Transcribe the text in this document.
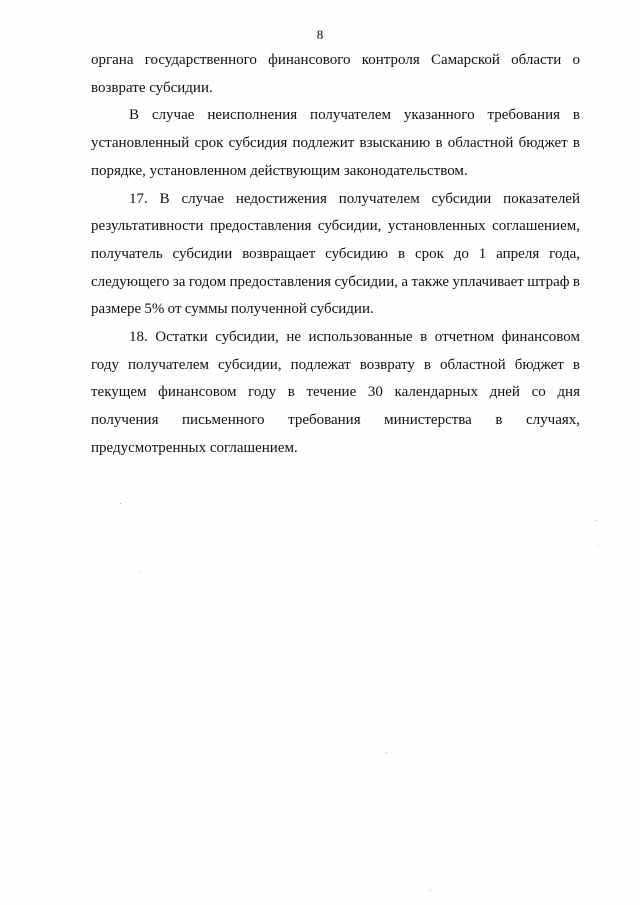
8

органа государственного финансового контроля Самарской области о возврате субсидии.

В случае неисполнения получателем указанного требования в установленный срок субсидия подлежит взысканию в областной бюджет в порядке, установленном действующим законодательством.

17. В случае недостижения получателем субсидии показателей результативности предоставления субсидии, установленных соглашением, получатель субсидии возвращает субсидию в срок до 1 апреля года, следующего за годом предоставления субсидии, а также уплачивает штраф в размере 5% от суммы полученной субсидии.

18. Остатки субсидии, не использованные в отчетном финансовом году получателем субсидии, подлежат возврату в областной бюджет в текущем финансовом году в течение 30 календарных дней со дня получения письменного требования министерства в случаях, предусмотренных соглашением.
